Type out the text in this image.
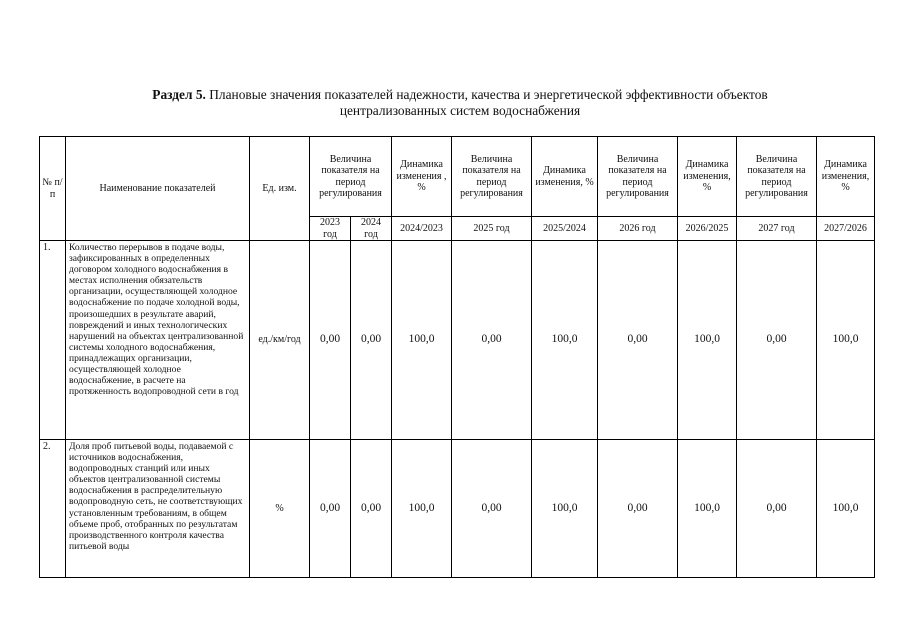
Раздел 5. Плановые значения показателей надежности, качества и энергетической эффективности объектов
централизованных систем водоснабжения
№ п/п	Наименование показателей	Ед. изм.	Величина показателя на период регулирования		Динамика изменения , %	Величина показателя на период регулирования	Динамика изменения, %	Величина показателя на период регулирования	Динамика изменения, %	Величина показателя на период регулирования	Динамика изменения, %
			2023 год	2024 год	2024/2023	2025 год	2025/2024	2026 год	2026/2025	2027 год	2027/2026
1.	Количество перерывов в подаче воды, зафиксированных в определенных договором холодного водоснабжения в местах исполнения обязательств организации, осуществляющей холодное водоснабжение по подаче холодной воды, произошедших в результате аварий, повреждений и иных технологических нарушений на объектах централизованной системы холодного водоснабжения, принадлежащих организации, осуществляющей холодное водоснабжение, в расчете на протяженность водопроводной сети в год	ед./км/год	0,00	0,00	100,0	0,00	100,0	0,00	100,0	0,00	100,0
2.	Доля проб питьевой воды, подаваемой с источников водоснабжения, водопроводных станций или иных объектов централизованной системы водоснабжения в распределительную водопроводную сеть, не соответствующих установленным требованиям, в общем объеме проб, отобранных по результатам производственного контроля качества питьевой воды	%	0,00	0,00	100,0	0,00	100,0	0,00	100,0	0,00	100,0
